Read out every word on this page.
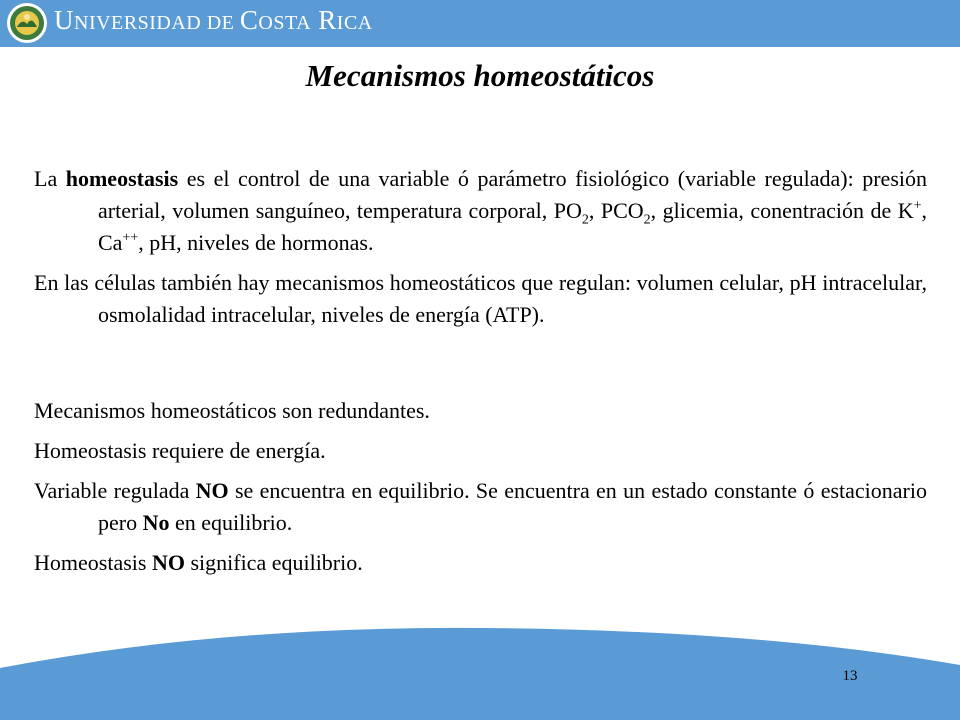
UNIVERSIDAD DE COSTA RICA
Mecanismos homeostáticos

La homeostasis es el control de una variable ó parámetro fisiológico (variable regulada): presión arterial, volumen sanguíneo, temperatura corporal, $PO_2$, $PCO_2$, glicemia, conentración de K+, Ca++, pH, niveles de hormonas.

En las células también hay mecanismos homeostáticos que regulan: volumen celular, pH intracelular, osmolalidad intracelular, niveles de energía (ATP).

Mecanismos homeostáticos son redundantes.

Homeostasis requiere de energía.

Variable regulada NO se encuentra en equilibrio. Se encuentra en un estado constante ó estacionario pero No en equilibrio.

Homeostasis NO significa equilibrio.

13
